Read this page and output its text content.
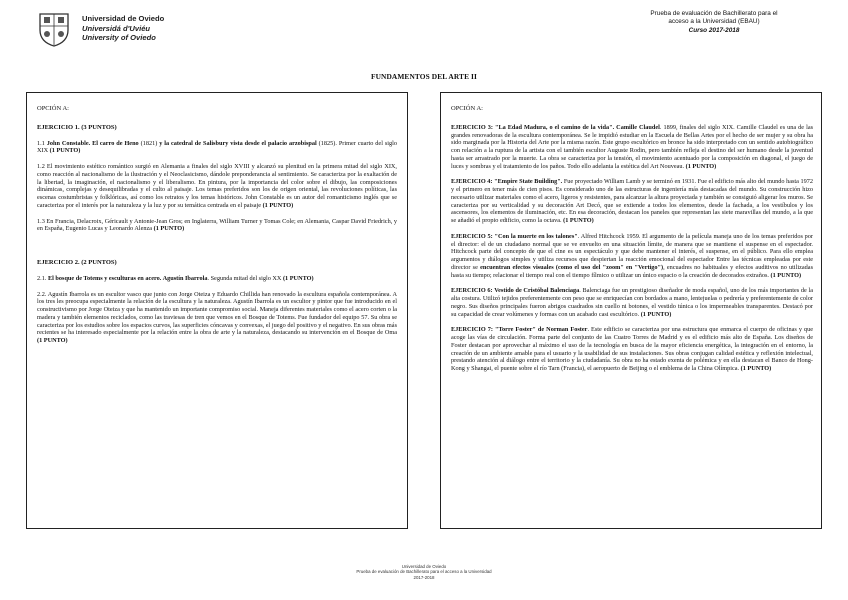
Universidad de Oviedo
Universidá d'Uviéu
University of Oviedo
Prueba de evaluación de Bachillerato para el
acceso a la Universidad (EBAU)
Curso 2017-2018
FUNDAMENTOS DEL ARTE II
OPCIÓN A:
EJERCICIO 1. (3 PUNTOS)

1.1 John Constable. El carro de Heno (1821) y la catedral de Salisbury vista desde el palacio arzobispal (1825). Primer cuarto del siglo XIX (1 PUNTO)

1.2 El movimiento estético romántico surgió en Alemania a finales del siglo XVIII y alcanzó su plenitud en la primera mitad del siglo XIX, como reacción al nacionalismo de la ilustración y el Neoclasicismo, dándole preponderancia al sentimiento. Se caracteriza por la exaltación de la libertad, la imaginación, el nacionalismo y el liberalismo. En pintura, por la importancia del color sobre el dibujo, las composiciones dinámicas, complejas y desequilibradas y el culto al paisaje. Los temas preferidos son los de origen oriental, las revoluciones políticas, las escenas costumbristas y folklóricas, así como los retratos y los temas históricos. John Constable es un autor del romanticismo inglés que se caracteriza por el interés por la naturaleza y la luz y por su temática centrada en el paisaje (1 PUNTO)

1.3 En Francia, Delacroix, Géricault y Antonie-Jean Gros; en Inglaterra, William Turner y Tomas Cole; en Alemania, Caspar David Friedrich, y en España, Eugenio Lucas y Leonardo Alenza (1 PUNTO)

EJERCICIO 2. (2 PUNTOS)

2.1. El bosque de Totems y esculturas en acero. Agustín Ibarrola. Segunda mitad del siglo XX (1 PUNTO)

2.2. Agustín Ibarrola es un escultor vasco que junto con Jorge Oteiza y Eduardo Chillida han renovado la escultura española contemporánea. A los tres les preocupa especialmente la relación de la escultura y la naturaleza. Agustín Ibarrola es un escultor y pintor que fue introducido en el constructivismo por Jorge Oteiza y que ha mantenido un importante compromiso social. Maneja diferentes materiales como el acero corten o la madera y también elementos reciclados, como las traviesas de tren que vemos en el Bosque de Totems. Fue fundador del equipo 57. Su obra se caracteriza por los estudios sobre los espacios curvos, las superficies cóncavas y convexas, el juego del positivo y el negativo. En sus obras más recientes se ha interesado especialmente por la relación entre la obra de arte y la naturaleza, destacando su intervención en el Bosque de Oma (1 PUNTO)

OPCIÓN A:

EJERCICIO 3: "La Edad Madura, o el camino de la vida". Camille Claudel. 1899, finales del siglo XIX. Camille Claudel es una de las grandes renovadoras de la escultura contemporánea. Se le impidió estudiar en la Escuela de Bellas Artes por el hecho de ser mujer y su obra ha sido marginada por la Historia del Arte por la misma razón. Este grupo escultórico en bronce ha sido interpretado con un sentido autobiográfico con relación a la ruptura de la artista con el también escultor Auguste Rodin, pero también refleja el destino del ser humano desde la juventud hasta ser arrastrado por la muerte. La obra se caracteriza por la tensión, el movimiento acentuado por la composición en diagonal, el juego de luces y sombras y el tratamiento de los paños. Todo ello adelanta la estética del Art Nouveau. (1 PUNTO)

EJERCICIO 4: "Empire State Building". Fue proyectado William Lamb y se terminó en 1931. Fue el edificio más alto del mundo hasta 1972 y el primero en tener más de cien pisos. Es considerado uno de las estructuras de ingeniería más destacadas del mundo. Su construcción hizo necesario utilizar materiales como el acero, ligeros y resistentes, para alcanzar la altura proyectada y también se consiguió aligerar los muros. Se caracteriza por su verticalidad y su decoración Art Decó, que se extiende a todos los elementos, desde la fachada, a los vestíbulos y los ascensores, los elementos de iluminación, etc. En esa decoración, destacan los paneles que representan las siete maravillas del mundo, a la que se añadió el propio edificio, como la octava. (1 PUNTO)

EJERCICIO 5: "Con la muerte en los talones". Alfred Hitchcock 1959. El argumento de la película maneja uno de los temas preferidos por el director: el de un ciudadano normal que se ve envuelto en una situación límite, de manera que se mantiene el suspense en el espectador. Hitchcock parte del concepto de que el cine es un espectáculo y que debe mantener el interés, el suspense, en el público. Para ello emplea argumentos y diálogos simples y utiliza recursos que despiertan la reacción emocional del espectador Entre las técnicas empleadas por este director se encuentran efectos visuales (como el uso del "zoom" en "Vertigo"), encuadres no habituales y efectos auditivos no utilizadas hasta su tiempo; relacionar el tiempo real con el tiempo fílmico o utilizar un único espacio o la creación de decorados extraños. (1 PUNTO)

EJERCICIO 6: Vestido de Cristóbal Balenciaga. Balenciaga fue un prestigioso diseñador de moda español, uno de los más importantes de la alta costura. Utilizó tejidos preferentemente con peso que se enriquecían con bordados a mano, lentejuelas o pedrería y preferentemente de color negro. Sus diseños principales fueron abrigos cuadrados sin cuello ni botones, el vestido túnica o los impermeables transparentes. Destacó por su capacidad de crear volúmenes y formas con un acabado casi escultórico. (1 PUNTO)

EJERCICIO 7: "Torre Foster" de Norman Foster. Este edificio se caracteriza por una estructura que enmarca el cuerpo de oficinas y que acoge las vías de circulación. Forma parte del conjunto de las Cuatro Torres de Madrid y es el edificio más alto de España. Los diseños de Foster destacan por aprovechar al máximo el uso de la tecnología en busca de la mayor eficiencia energética, la integración en el entorno, la creación de un ambiente amable para el usuario y la usabilidad de sus instalaciones. Sus obras conjugan calidad estética y reflexión intelectual, prestando atención al diálogo entre el territorio y la ciudadanía. Su obra no ha estado exenta de polémica y en ella destacan el Banco de Hong-Kong y Shangai, el puente sobre el río Tarn (Francia), el aeropuerto de Beijing o el emblema de la China Olímpica. (1 PUNTO)

Universidad de Oviedo
Prueba de evaluación de Bachillerato para el acceso a la Universidad
2017-2018
